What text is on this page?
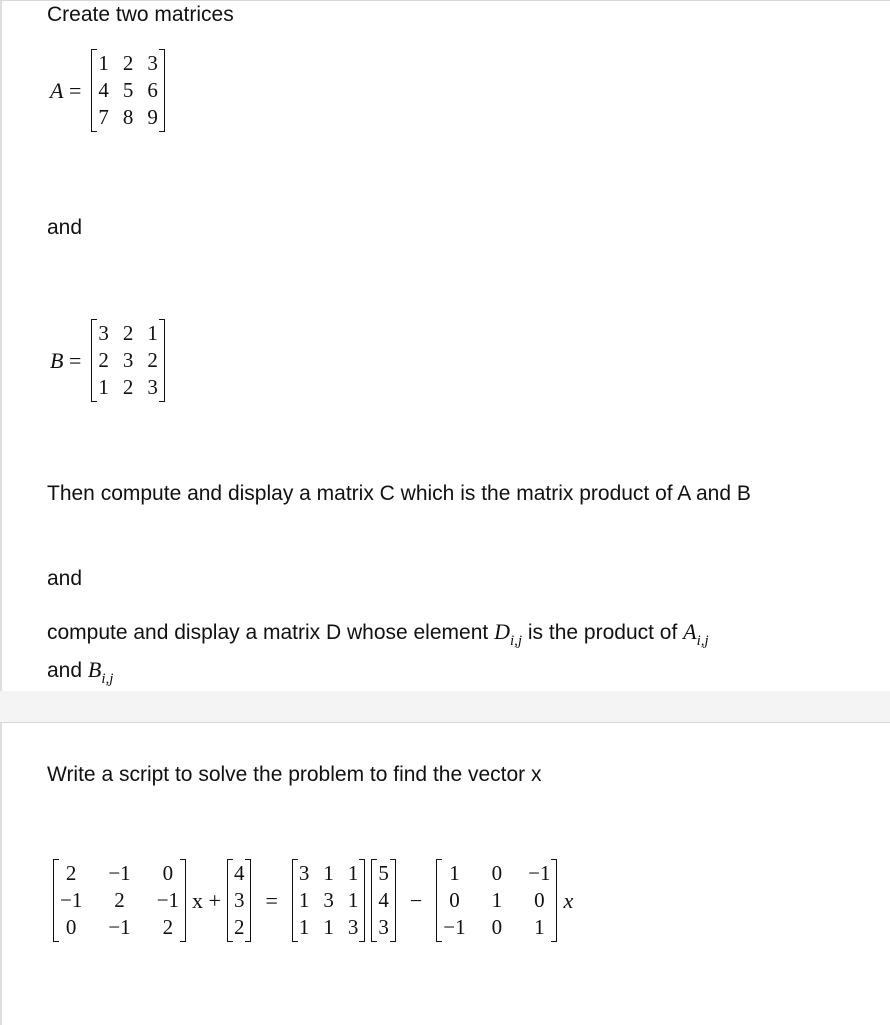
Create two matrices
A =
1 2 3
4 5 6
7 8 9
and
B =
3 2 1
2 3 2
1 2 3
Then compute and display a matrix C which is the matrix product of A and B
and
compute and display a matrix D whose element $D_{i,j}$ is the product of $A_{i,j}$
and $B_{i,j}$
Write a script to solve the problem to find the vector x
2 −1 0
−1 2 −1
0 −1 2
x +
4
3
2
=
3 1 1
1 3 1
1 1 3
5
4
3
−
1 0 −1
0 1 0
−1 0 1
x
